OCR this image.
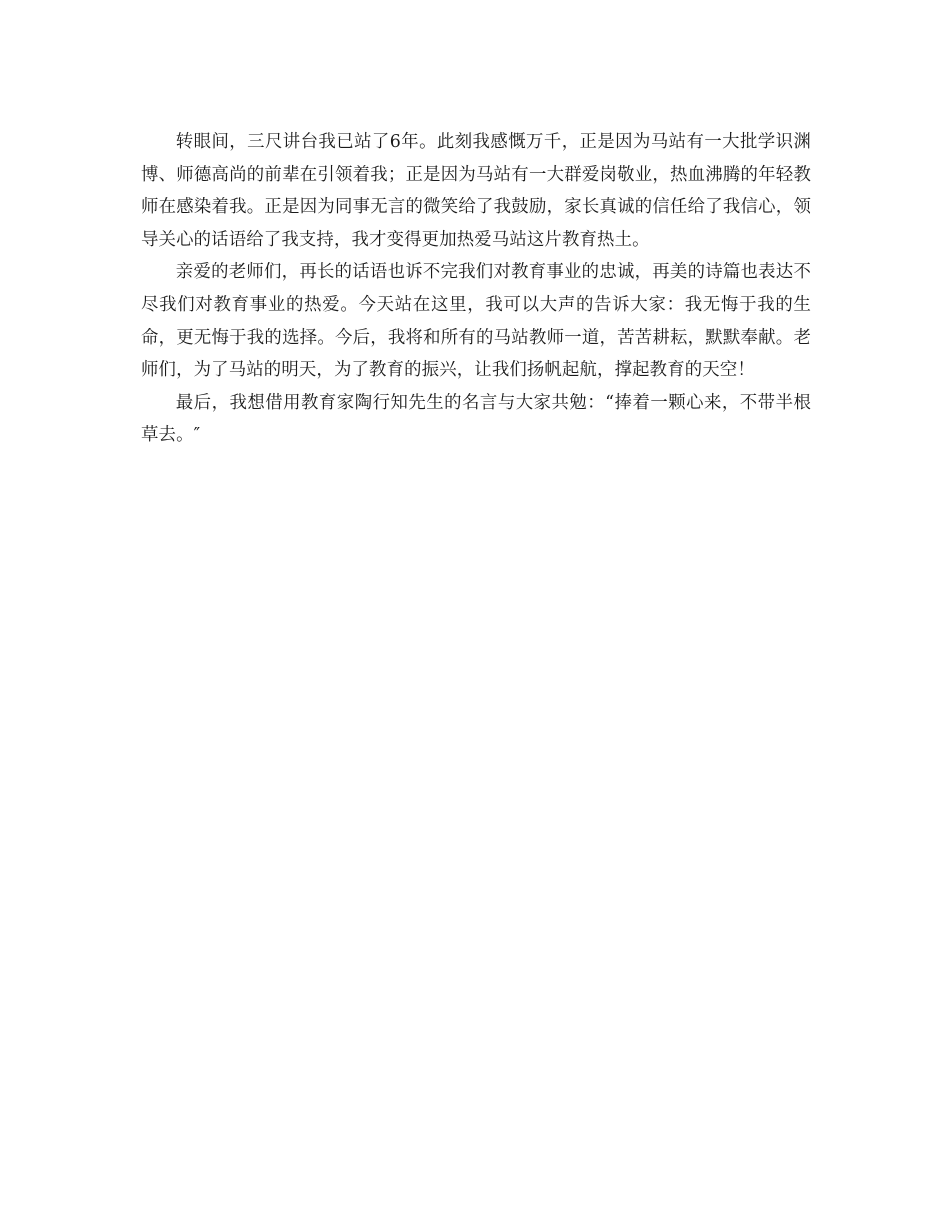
转眼间，三尺讲台我已站了6年。此刻我感慨万千，正是因为马站有一大批学识渊博、师德高尚的前辈在引领着我；正是因为马站有一大群爱岗敬业，热血沸腾的年轻教师在感染着我。正是因为同事无言的微笑给了我鼓励，家长真诚的信任给了我信心，领导关心的话语给了我支持，我才变得更加热爱马站这片教育热土。

亲爱的老师们，再长的话语也诉不完我们对教育事业的忠诚，再美的诗篇也表达不尽我们对教育事业的热爱。今天站在这里，我可以大声的告诉大家：我无悔于我的生命，更无悔于我的选择。今后，我将和所有的马站教师一道，苦苦耕耘，默默奉献。老师们，为了马站的明天，为了教育的振兴，让我们扬帆起航，撑起教育的天空！

最后，我想借用教育家陶行知先生的名言与大家共勉：“捧着一颗心来，不带半根草去。″
